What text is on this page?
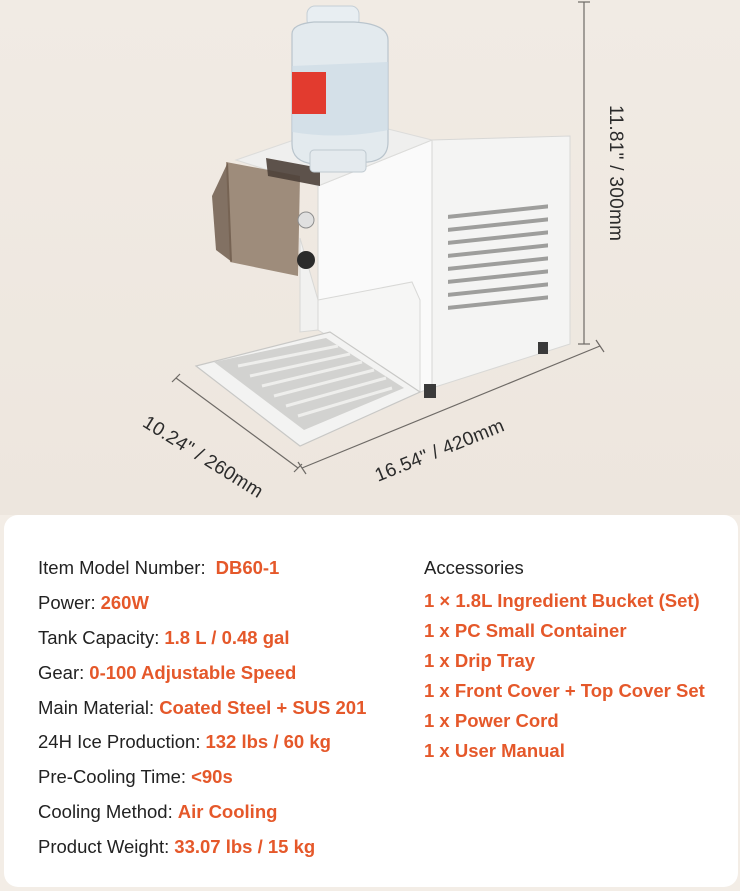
11.81" / 300mm
10.24" / 260mm	16.54" / 420mm
Item Model Number: DB60-1
Power: 260W
Tank Capacity: 1.8 L / 0.48 gal
Gear: 0-100 Adjustable Speed
Main Material: Coated Steel + SUS 201
24H Ice Production: 132 lbs / 60 kg
Pre-Cooling Time: <90s
Cooling Method: Air Cooling
Product Weight: 33.07 lbs / 15 kg
Accessories
1 × 1.8L Ingredient Bucket (Set)
1 x PC Small Container
1 x Drip Tray
1 x Front Cover + Top Cover Set
1 x Power Cord
1 x User Manual
